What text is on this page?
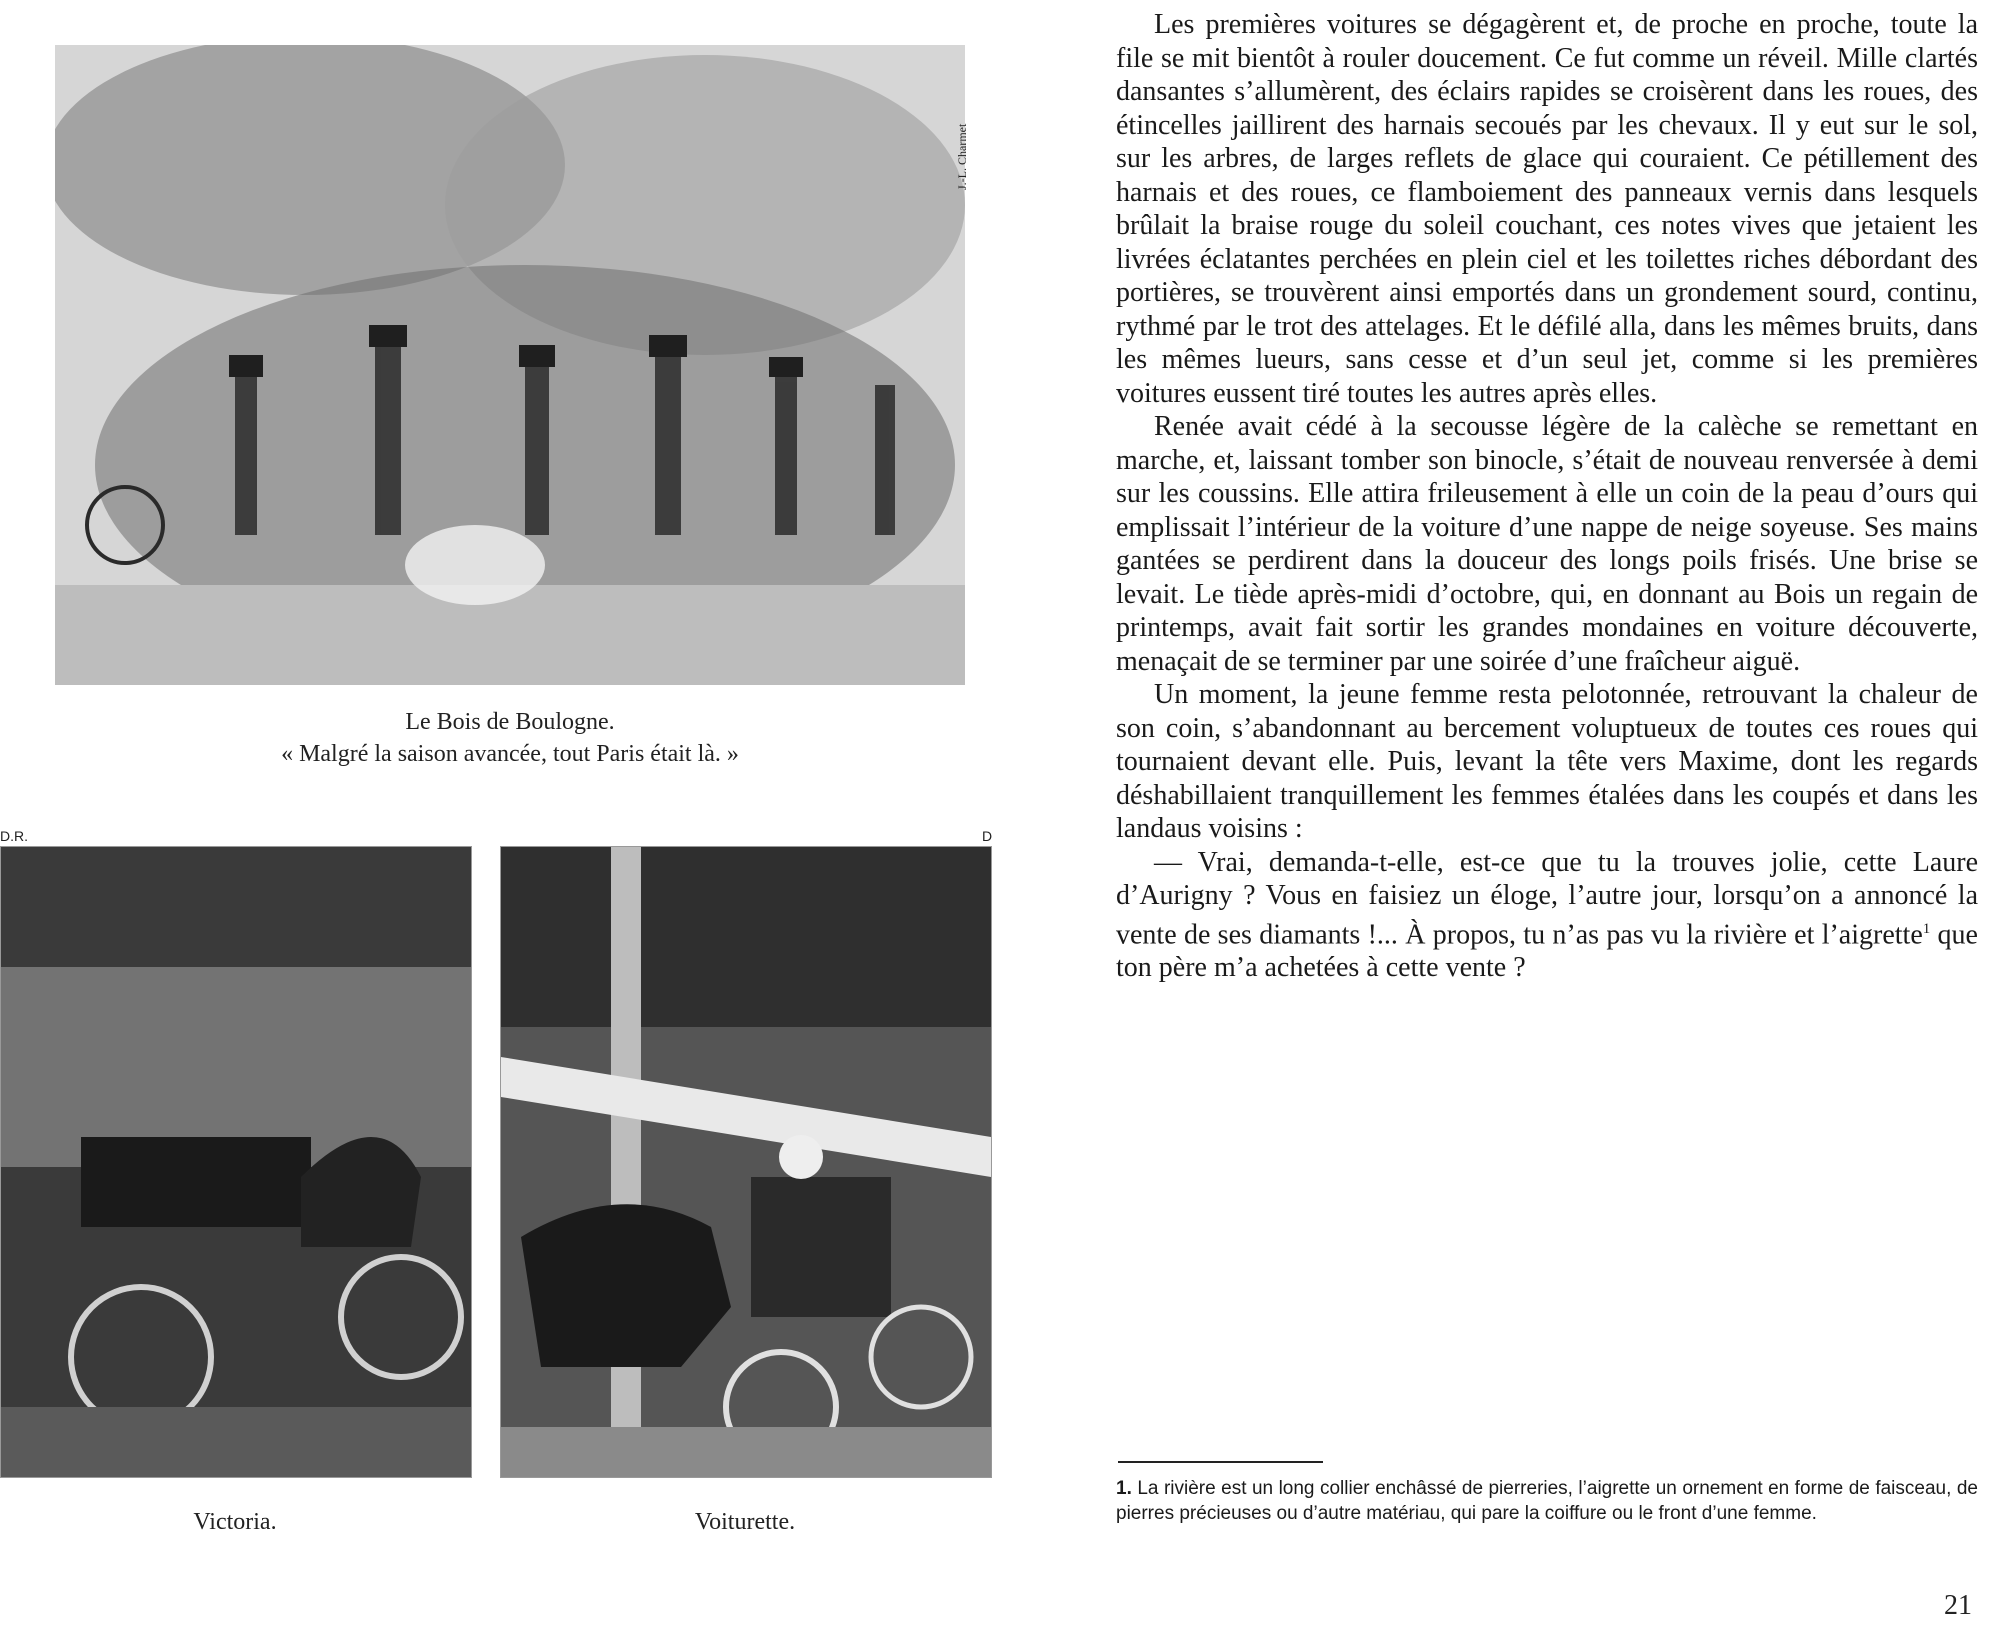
J.-L. Charmet
Le Bois de Boulogne.
« Malgré la saison avancée, tout Paris était là. »
D.R.	D
Victoria.	Voiturette.

Les premières voitures se dégagèrent et, de proche en proche, toute la file se mit bientôt à rouler doucement. Ce fut comme un réveil. Mille clartés dansantes s’allumèrent, des éclairs rapides se croisèrent dans les roues, des étincelles jaillirent des harnais secoués par les chevaux. Il y eut sur le sol, sur les arbres, de larges reflets de glace qui couraient. Ce pétillement des harnais et des roues, ce flamboiement des panneaux vernis dans lesquels brûlait la braise rouge du soleil couchant, ces notes vives que jetaient les livrées éclatantes perchées en plein ciel et les toilettes riches débordant des portières, se trouvèrent ainsi emportés dans un grondement sourd, continu, rythmé par le trot des attelages. Et le défilé alla, dans les mêmes bruits, dans les mêmes lueurs, sans cesse et d’un seul jet, comme si les premières voitures eussent tiré toutes les autres après elles.

Renée avait cédé à la secousse légère de la calèche se remettant en marche, et, laissant tomber son binocle, s’était de nouveau renversée à demi sur les coussins. Elle attira frileusement à elle un coin de la peau d’ours qui emplissait l’intérieur de la voiture d’une nappe de neige soyeuse. Ses mains gantées se perdirent dans la douceur des longs poils frisés. Une brise se levait. Le tiède après-midi d’octobre, qui, en donnant au Bois un regain de printemps, avait fait sortir les grandes mondaines en voiture découverte, menaçait de se terminer par une soirée d’une fraîcheur aiguë.

Un moment, la jeune femme resta pelotonnée, retrouvant la chaleur de son coin, s’abandonnant au bercement voluptueux de toutes ces roues qui tournaient devant elle. Puis, levant la tête vers Maxime, dont les regards déshabillaient tranquillement les femmes étalées dans les coupés et dans les landaus voisins :

— Vrai, demanda-t-elle, est-ce que tu la trouves jolie, cette Laure d’Aurigny ? Vous en faisiez un éloge, l’autre jour, lorsqu’on a annoncé la vente de ses diamants !... À propos, tu n’as pas vu la rivière et l’aigrette$^1$ que ton père m’a achetées à cette vente ?

1. La rivière est un long collier enchâssé de pierreries, l’aigrette un ornement en forme de faisceau, de pierres précieuses ou d’autre matériau, qui pare la coiffure ou le front d’une femme.
21
